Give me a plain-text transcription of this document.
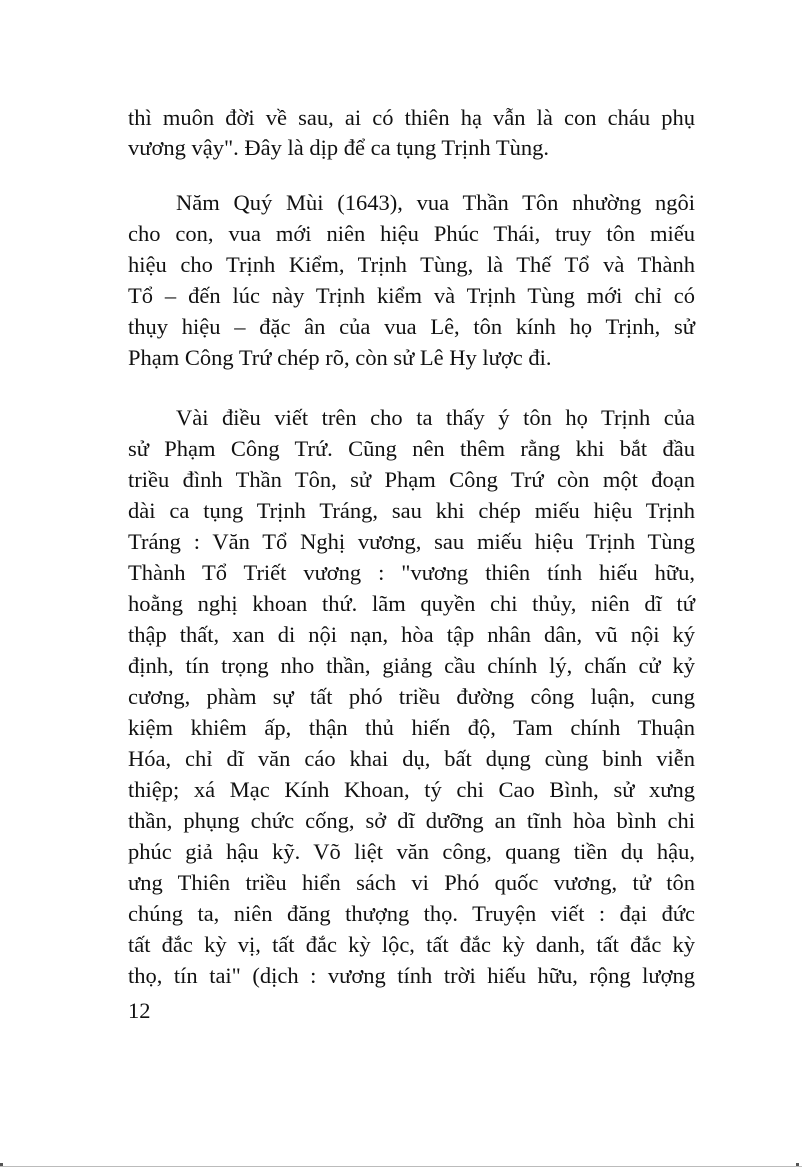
thì muôn đời về sau, ai có thiên hạ vẫn là con cháu phụ
vương vậy". Đây là dịp để ca tụng Trịnh Tùng.
Năm Quý Mùi (1643), vua Thần Tôn nhường ngôi
cho con, vua mới niên hiệu Phúc Thái, truy tôn miếu
hiệu cho Trịnh Kiểm, Trịnh Tùng, là Thế Tổ và Thành
Tổ – đến lúc này Trịnh kiểm và Trịnh Tùng mới chỉ có
thụy hiệu – đặc ân của vua Lê, tôn kính họ Trịnh, sử
Phạm Công Trứ chép rõ, còn sử Lê Hy lược đi.
Vài điều viết trên cho ta thấy ý tôn họ Trịnh của
sử Phạm Công Trứ. Cũng nên thêm rằng khi bắt đầu
triều đình Thần Tôn, sử Phạm Công Trứ còn một đoạn
dài ca tụng Trịnh Tráng, sau khi chép miếu hiệu Trịnh
Tráng : Văn Tổ Nghị vương, sau miếu hiệu Trịnh Tùng
Thành Tổ Triết vương : "vương thiên tính hiếu hữu,
hoằng nghị khoan thứ. lãm quyền chi thủy, niên dĩ tứ
thập thất, xan di nội nạn, hòa tập nhân dân, vũ nội ký
định, tín trọng nho thần, giảng cầu chính lý, chấn cử kỷ
cương, phàm sự tất phó triều đường công luận, cung
kiệm khiêm ấp, thận thủ hiến độ, Tam chính Thuận
Hóa, chỉ dĩ văn cáo khai dụ, bất dụng cùng binh viễn
thiệp; xá Mạc Kính Khoan, tý chi Cao Bình, sử xưng
thần, phụng chức cống, sở dĩ dưỡng an tĩnh hòa bình chi
phúc giả hậu kỹ. Võ liệt văn công, quang tiền dụ hậu,
ưng Thiên triều hiển sách vi Phó quốc vương, tử tôn
chúng ta, niên đăng thượng thọ. Truyện viết : đại đức
tất đắc kỳ vị, tất đắc kỳ lộc, tất đắc kỳ danh, tất đắc kỳ
thọ, tín tai" (dịch : vương tính trời hiếu hữu, rộng lượng
12
